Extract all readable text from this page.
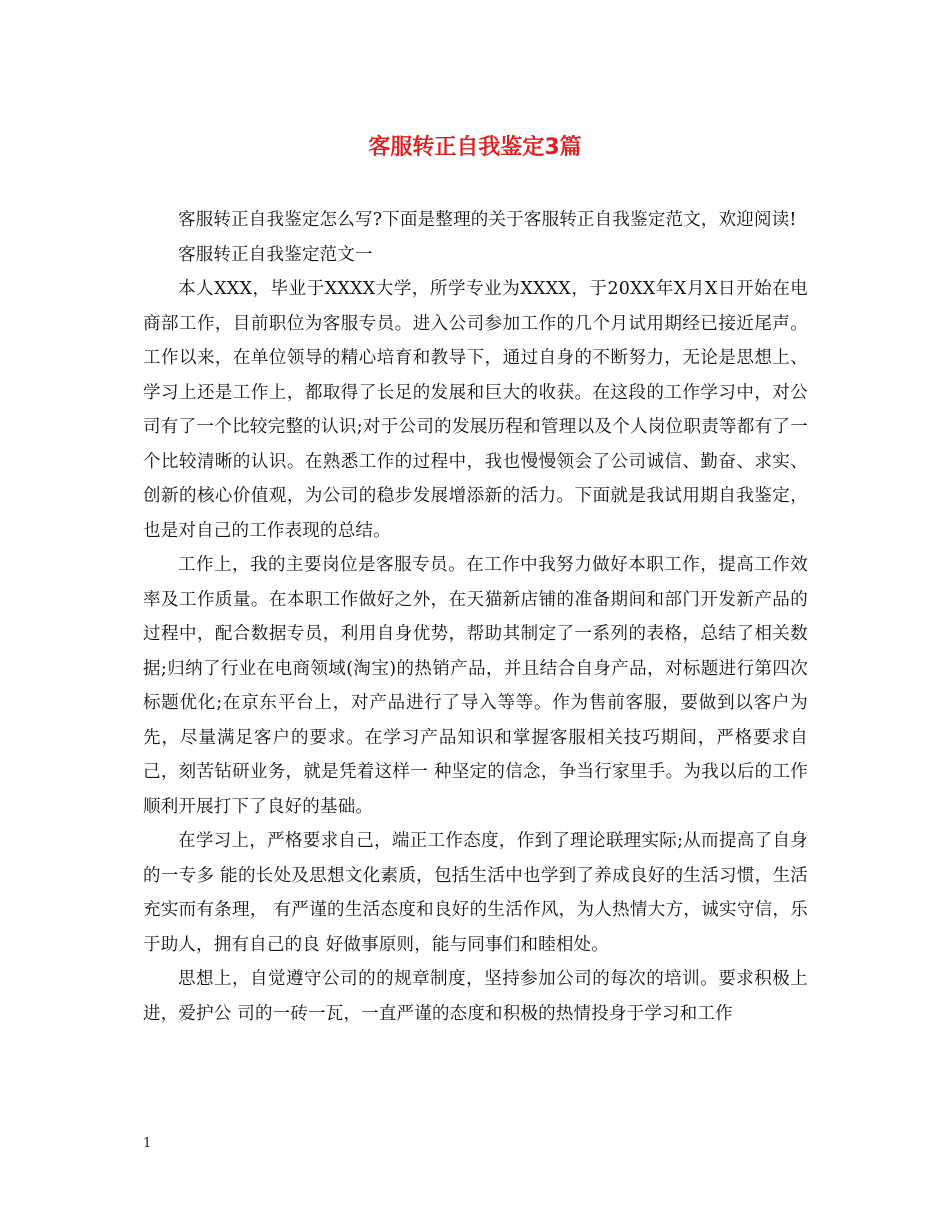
客服转正自我鉴定3篇

客服转正自我鉴定怎么写?下面是整理的关于客服转正自我鉴定范文，欢迎阅读!

客服转正自我鉴定范文一

本人XXX，毕业于XXXX大学，所学专业为XXXX，于20XX年X月X日开始在电商部工作，目前职位为客服专员。进入公司参加工作的几个月试用期经已接近尾声。工作以来，在单位领导的精心培育和教导下，通过自身的不断努力，无论是思想上、学习上还是工作上，都取得了长足的发展和巨大的收获。在这段的工作学习中，对公司有了一个比较完整的认识;对于公司的发展历程和管理以及个人岗位职责等都有了一个比较清晰的认识。在熟悉工作的过程中，我也慢慢领会了公司诚信、勤奋、求实、创新的核心价值观，为公司的稳步发展增添新的活力。下面就是我试用期自我鉴定，也是对自己的工作表现的总结。

工作上，我的主要岗位是客服专员。在工作中我努力做好本职工作，提高工作效率及工作质量。在本职工作做好之外，在天猫新店铺的准备期间和部门开发新产品的过程中，配合数据专员，利用自身优势，帮助其制定了一系列的表格，总结了相关数据;归纳了行业在电商领域(淘宝)的热销产品，并且结合自身产品，对标题进行第四次标题优化;在京东平台上，对产品进行了导入等等。作为售前客服，要做到以客户为先，尽量满足客户的要求。在学习产品知识和掌握客服相关技巧期间，严格要求自己，刻苦钻研业务，就是凭着这样一 种坚定的信念，争当行家里手。为我以后的工作顺利开展打下了良好的基础。

在学习上，严格要求自己，端正工作态度，作到了理论联理实际;从而提高了自身的一专多 能的长处及思想文化素质，包括生活中也学到了养成良好的生活习惯，生活充实而有条理， 有严谨的生活态度和良好的生活作风，为人热情大方，诚实守信，乐于助人，拥有自己的良 好做事原则，能与同事们和睦相处。

思想上，自觉遵守公司的的规章制度，坚持参加公司的每次的培训。要求积极上进，爱护公 司的一砖一瓦，一直严谨的态度和积极的热情投身于学习和工作

1
